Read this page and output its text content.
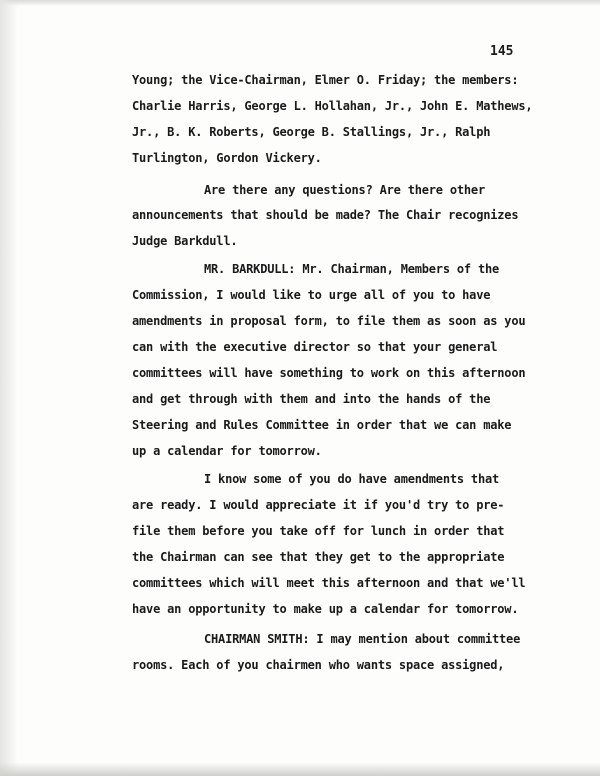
145
Young; the Vice-Chairman, Elmer O. Friday; the members:
Charlie Harris, George L. Hollahan, Jr., John E. Mathews,
Jr., B. K. Roberts, George B. Stallings, Jr., Ralph
Turlington, Gordon Vickery.
Are there any questions? Are there other
announcements that should be made? The Chair recognizes
Judge Barkdull.
MR. BARKDULL: Mr. Chairman, Members of the
Commission, I would like to urge all of you to have
amendments in proposal form, to file them as soon as you
can with the executive director so that your general
committees will have something to work on this afternoon
and get through with them and into the hands of the
Steering and Rules Committee in order that we can make
up a calendar for tomorrow.
I know some of you do have amendments that
are ready. I would appreciate it if you'd try to pre-
file them before you take off for lunch in order that
the Chairman can see that they get to the appropriate
committees which will meet this afternoon and that we'll
have an opportunity to make up a calendar for tomorrow.
CHAIRMAN SMITH: I may mention about committee
rooms. Each of you chairmen who wants space assigned,
